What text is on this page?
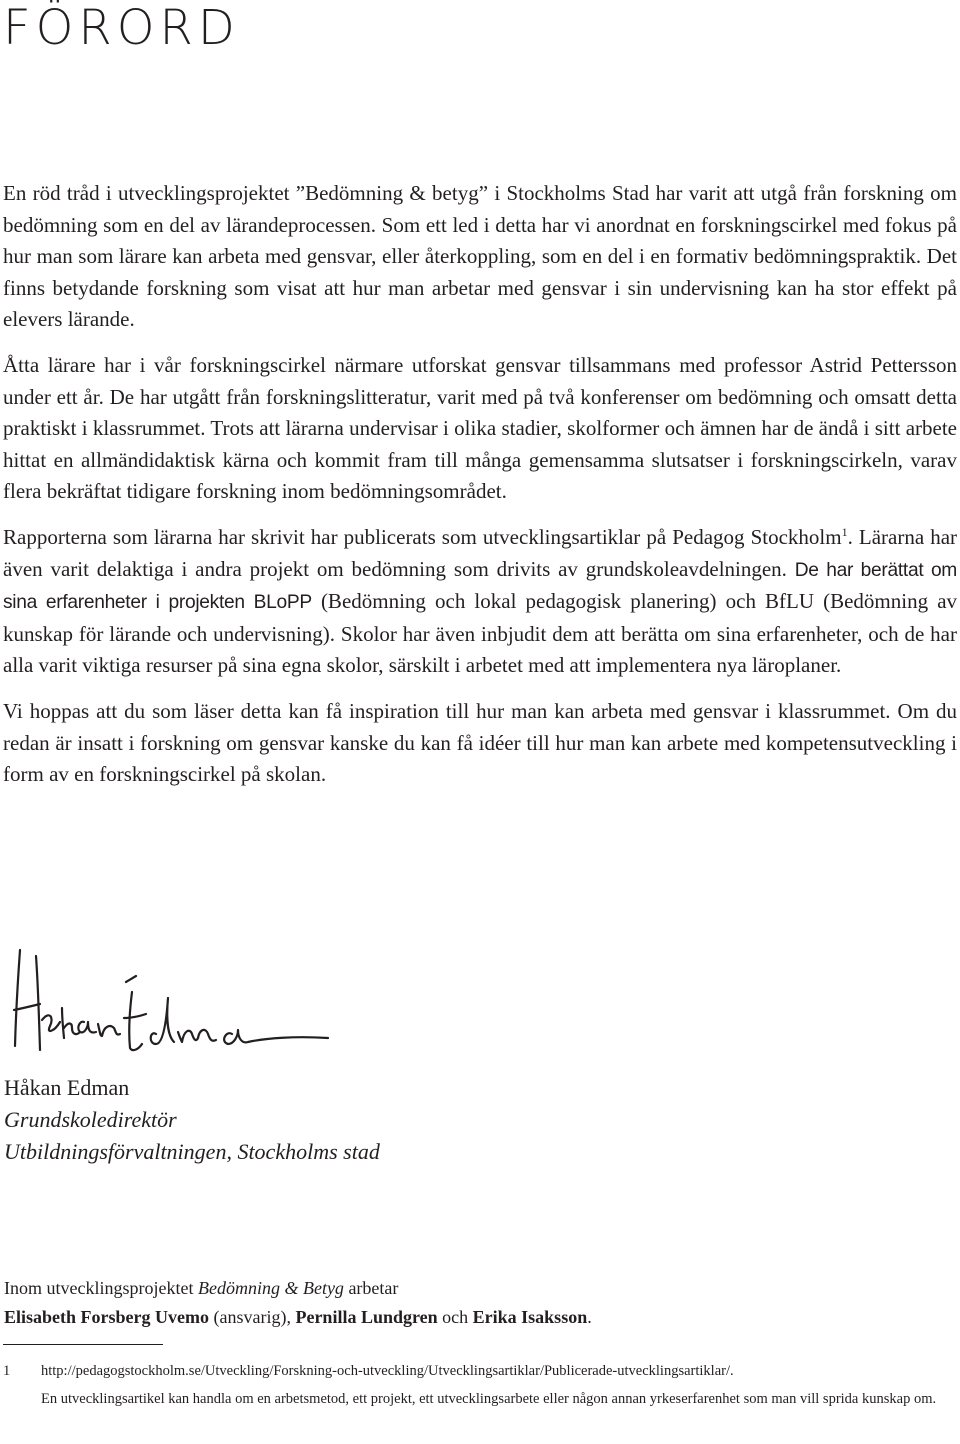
FÖRORD

En röd tråd i utvecklingsprojektet ”Bedömning & betyg” i Stockholms Stad har varit att utgå från forskning om bedömning som en del av lärandeprocessen. Som ett led i detta har vi anordnat en forskningscirkel med fokus på hur man som lärare kan arbeta med gensvar, eller återkoppling, som en del i en formativ bedömningspraktik. Det finns betydande forskning som visat att hur man arbetar med gensvar i sin undervisning kan ha stor effekt på elevers lärande.

Åtta lärare har i vår forskningscirkel närmare utforskat gensvar tillsammans med professor Astrid Pettersson under ett år. De har utgått från forskningslitteratur, varit med på två konferenser om bedömning och omsatt detta praktiskt i klassrummet. Trots att lärarna undervisar i olika stadier, skolformer och ämnen har de ändå i sitt arbete hittat en allmändidaktisk kärna och kommit fram till många gemensamma slutsatser i forskningscirkeln, varav flera bekräftat tidigare forskning inom bedömningsområdet.

Rapporterna som lärarna har skrivit har publicerats som utvecklingsartiklar på Pedagog Stockholm$^1$. Lärarna har även varit delaktiga i andra projekt om bedömning som drivits av grundskoleavdelningen. De har berättat om sina erfarenheter i projekten BLoPP (Bedömning och lokal pedagogisk planering) och BfLU (Bedömning av kunskap för lärande och undervisning). Skolor har även inbjudit dem att berätta om sina erfarenheter, och de har alla varit viktiga resurser på sina egna skolor, särskilt i arbetet med att implementera nya läroplaner.

Vi hoppas att du som läser detta kan få inspiration till hur man kan arbeta med gensvar i klassrummet. Om du redan är insatt i forskning om gensvar kanske du kan få idéer till hur man kan arbete med kompetensutveckling i form av en forskningscirkel på skolan.

Håkan Edman
Håkan Edman
Grundskoledirektör
Utbildningsförvaltningen, Stockholms stad
Inom utvecklingsprojektet Bedömning & Betyg arbetar
Elisabeth Forsberg Uvemo (ansvarig), Pernilla Lundgren och Erika Isaksson.
1 http://pedagogstockholm.se/Utveckling/Forskning-och-utveckling/Utvecklingsartiklar/Publicerade-utvecklingsartiklar/.
En utvecklingsartikel kan handla om en arbetsmetod, ett projekt, ett utvecklingsarbete eller någon annan yrkeserfarenhet som man vill sprida kunskap om.
